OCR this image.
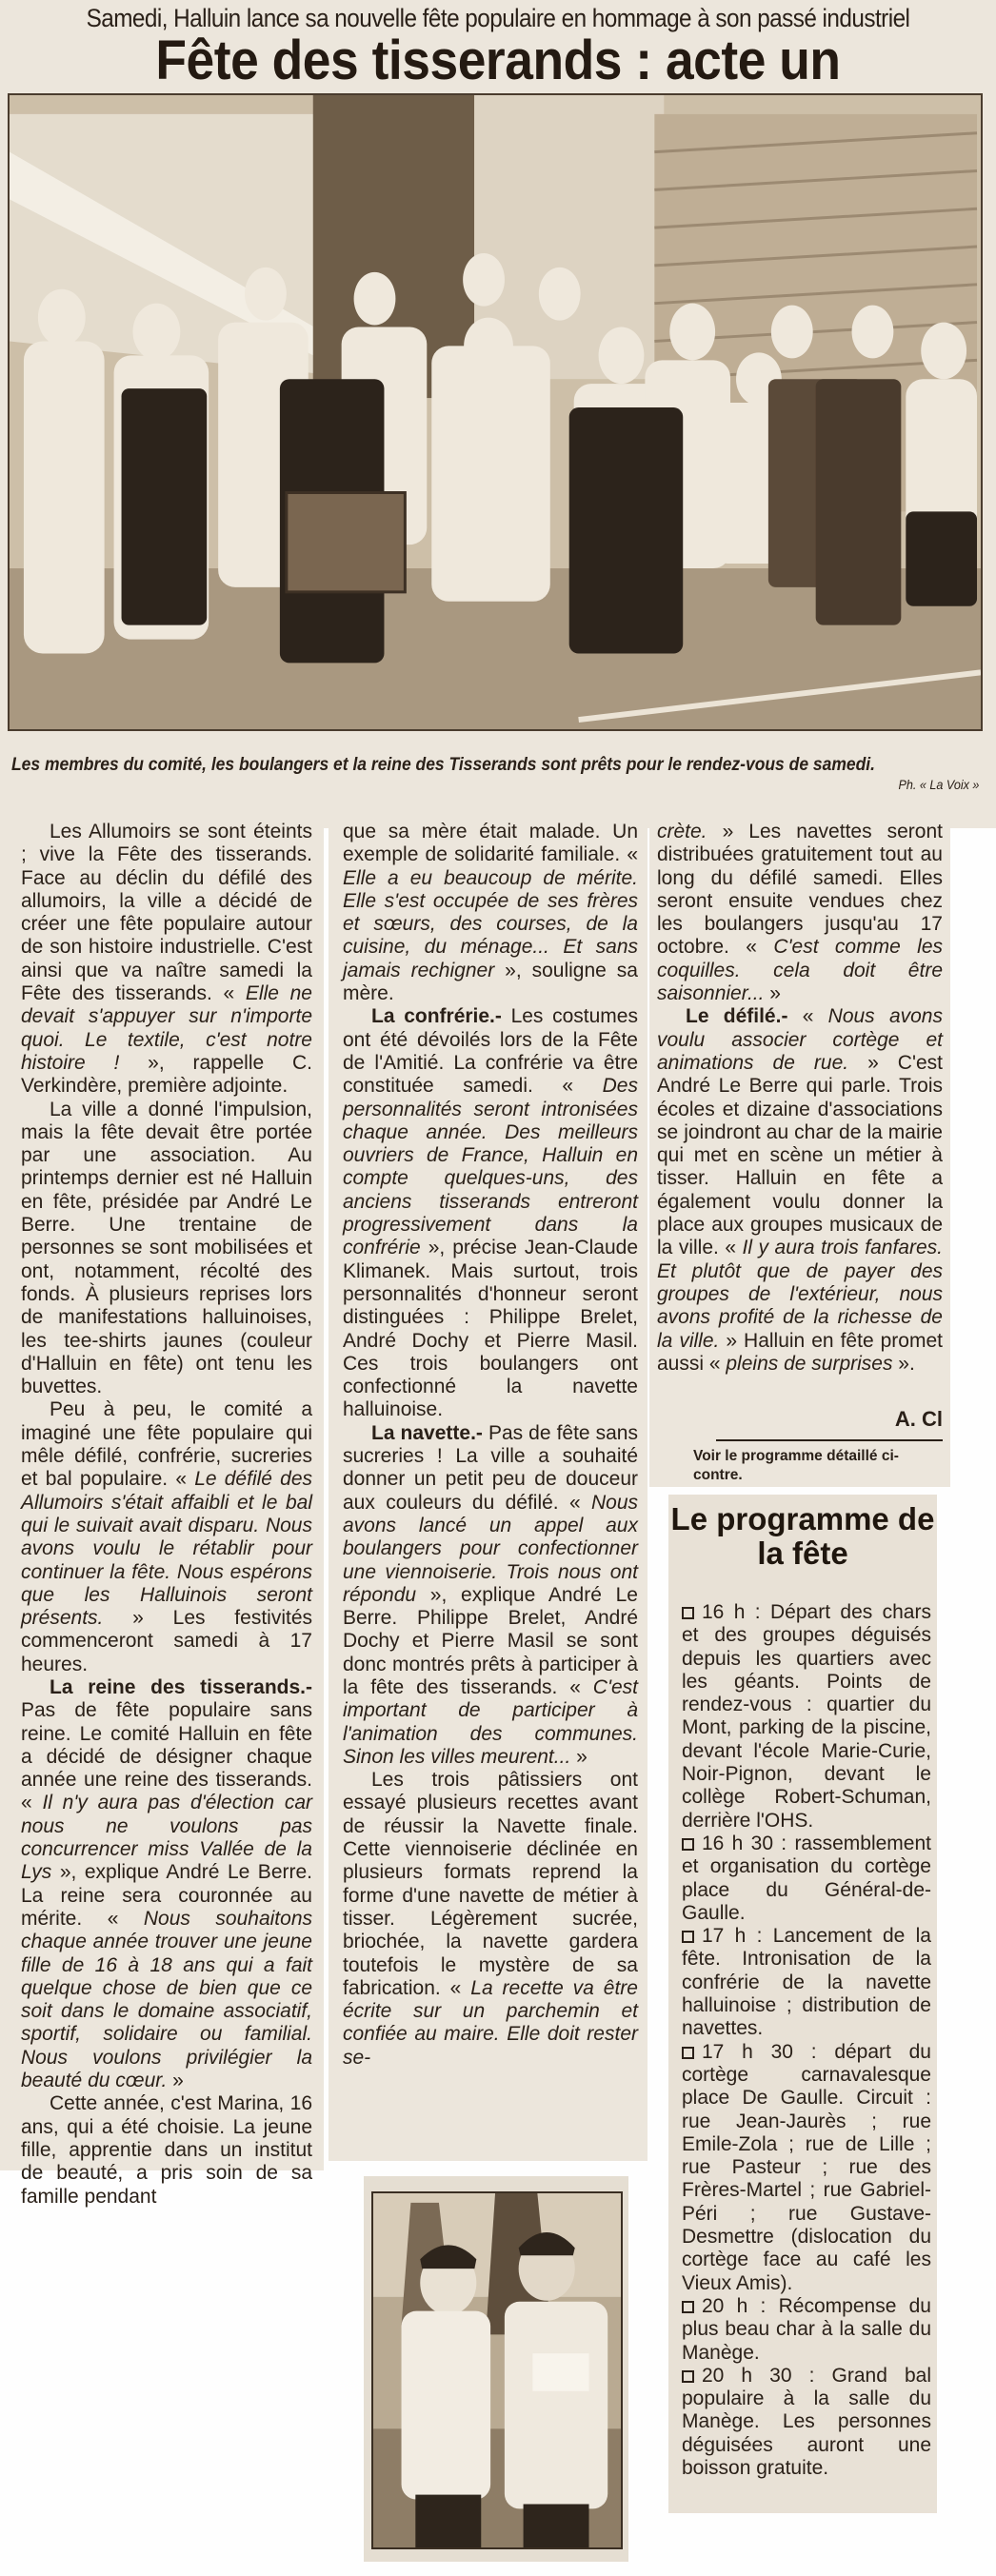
Samedi, Halluin lance sa nouvelle fête populaire en hommage à son passé industriel
Fête des tisserands : acte un
Les membres du comité, les boulangers et la reine des Tisserands sont prêts pour le rendez-vous de samedi.
Ph. « La Voix »

Les Allumoirs se sont éteints ; vive la Fête des tisserands. Face au déclin du défilé des allumoirs, la ville a décidé de créer une fête populaire autour de son histoire industrielle. C'est ainsi que va naître samedi la Fête des tisserands. « Elle ne devait s'appuyer sur n'importe quoi. Le textile, c'est notre histoire ! », rappelle C. Verkindère, première adjointe.

La ville a donné l'impulsion, mais la fête devait être portée par une association. Au printemps dernier est né Halluin en fête, présidée par André Le Berre. Une trentaine de personnes se sont mobilisées et ont, notamment, récolté des fonds. À plusieurs reprises lors de manifestations halluinoises, les tee-shirts jaunes (couleur d'Halluin en fête) ont tenu les buvettes.

Peu à peu, le comité a imaginé une fête populaire qui mêle défilé, confrérie, sucreries et bal populaire. « Le défilé des Allumoirs s'était affaibli et le bal qui le suivait avait disparu. Nous avons voulu le rétablir pour continuer la fête. Nous espérons que les Halluinois seront présents. » Les festivités commenceront samedi à 17 heures.

La reine des tisserands.- Pas de fête populaire sans reine. Le comité Halluin en fête a décidé de désigner chaque année une reine des tisserands. « Il n'y aura pas d'élection car nous ne voulons pas concurrencer miss Vallée de la Lys », explique André Le Berre. La reine sera couronnée au mérite. « Nous souhaitons chaque année trouver une jeune fille de 16 à 18 ans qui a fait quelque chose de bien que ce soit dans le domaine associatif, sportif, solidaire ou familial. Nous voulons privilégier la beauté du cœur. »

Cette année, c'est Marina, 16 ans, qui a été choisie. La jeune fille, apprentie dans un institut de beauté, a pris soin de sa famille pendant

que sa mère était malade. Un exemple de solidarité familiale. « Elle a eu beaucoup de mérite. Elle s'est occupée de ses frères et sœurs, des courses, de la cuisine, du ménage... Et sans jamais rechigner », souligne sa mère.

La confrérie.- Les costumes ont été dévoilés lors de la Fête de l'Amitié. La confrérie va être constituée samedi. « Des personnalités seront intronisées chaque année. Des meilleurs ouvriers de France, Halluin en compte quelques-uns, des anciens tisserands entreront progressivement dans la confrérie », précise Jean-Claude Klimanek. Mais surtout, trois personnalités d'honneur seront distinguées : Philippe Brelet, André Dochy et Pierre Masil. Ces trois boulangers ont confectionné la navette halluinoise.

La navette.- Pas de fête sans sucreries ! La ville a souhaité donner un petit peu de douceur aux couleurs du défilé. « Nous avons lancé un appel aux boulangers pour confectionner une viennoiserie. Trois nous ont répondu », explique André Le Berre. Philippe Brelet, André Dochy et Pierre Masil se sont donc montrés prêts à participer à la fête des tisserands. « C'est important de participer à l'animation des communes. Sinon les villes meurent... »

Les trois pâtissiers ont essayé plusieurs recettes avant de réussir la Navette finale. Cette viennoiserie déclinée en plusieurs formats reprend la forme d'une navette de métier à tisser. Légèrement sucrée, briochée, la navette gardera toutefois le mystère de sa fabrication. « La recette va être écrite sur un parchemin et confiée au maire. Elle doit rester se-

crète. » Les navettes seront distribuées gratuitement tout au long du défilé samedi. Elles seront ensuite vendues chez les boulangers jusqu'au 17 octobre. « C'est comme les coquilles. cela doit être saisonnier... »

Le défilé.- « Nous avons voulu associer cortège et animations de rue. » C'est André Le Berre qui parle. Trois écoles et dizaine d'associations se joindront au char de la mairie qui met en scène un métier à tisser. Halluin en fête a également voulu donner la place aux groupes musicaux de la ville. « Il y aura trois fanfares. Et plutôt que de payer des groupes de l'extérieur, nous avons profité de la richesse de la ville. » Halluin en fête promet aussi « pleins de surprises ».

A. Cl
Voir le programme détaillé ci-contre.
Le programme de la fête

16 h : Départ des chars et des groupes déguisés depuis les quartiers avec les géants. Points de rendez-vous : quartier du Mont, parking de la piscine, devant l'école Marie-Curie, Noir-Pignon, devant le collège Robert-Schuman, derrière l'OHS.

16 h 30 : rassemblement et organisation du cortège place du Général-de-Gaulle.

17 h : Lancement de la fête. Intronisation de la confrérie de la navette halluinoise ; distribution de navettes.

17 h 30 : départ du cortège carnavalesque place De Gaulle. Circuit : rue Jean-Jaurès ; rue Emile-Zola ; rue de Lille ; rue Pasteur ; rue des Frères-Martel ; rue Gabriel-Péri ; rue Gustave-Desmettre (dislocation du cortège face au café les Vieux Amis).

20 h : Récompense du plus beau char à la salle du Manège.

20 h 30 : Grand bal populaire à la salle du Manège. Les personnes déguisées auront une boisson gratuite.
